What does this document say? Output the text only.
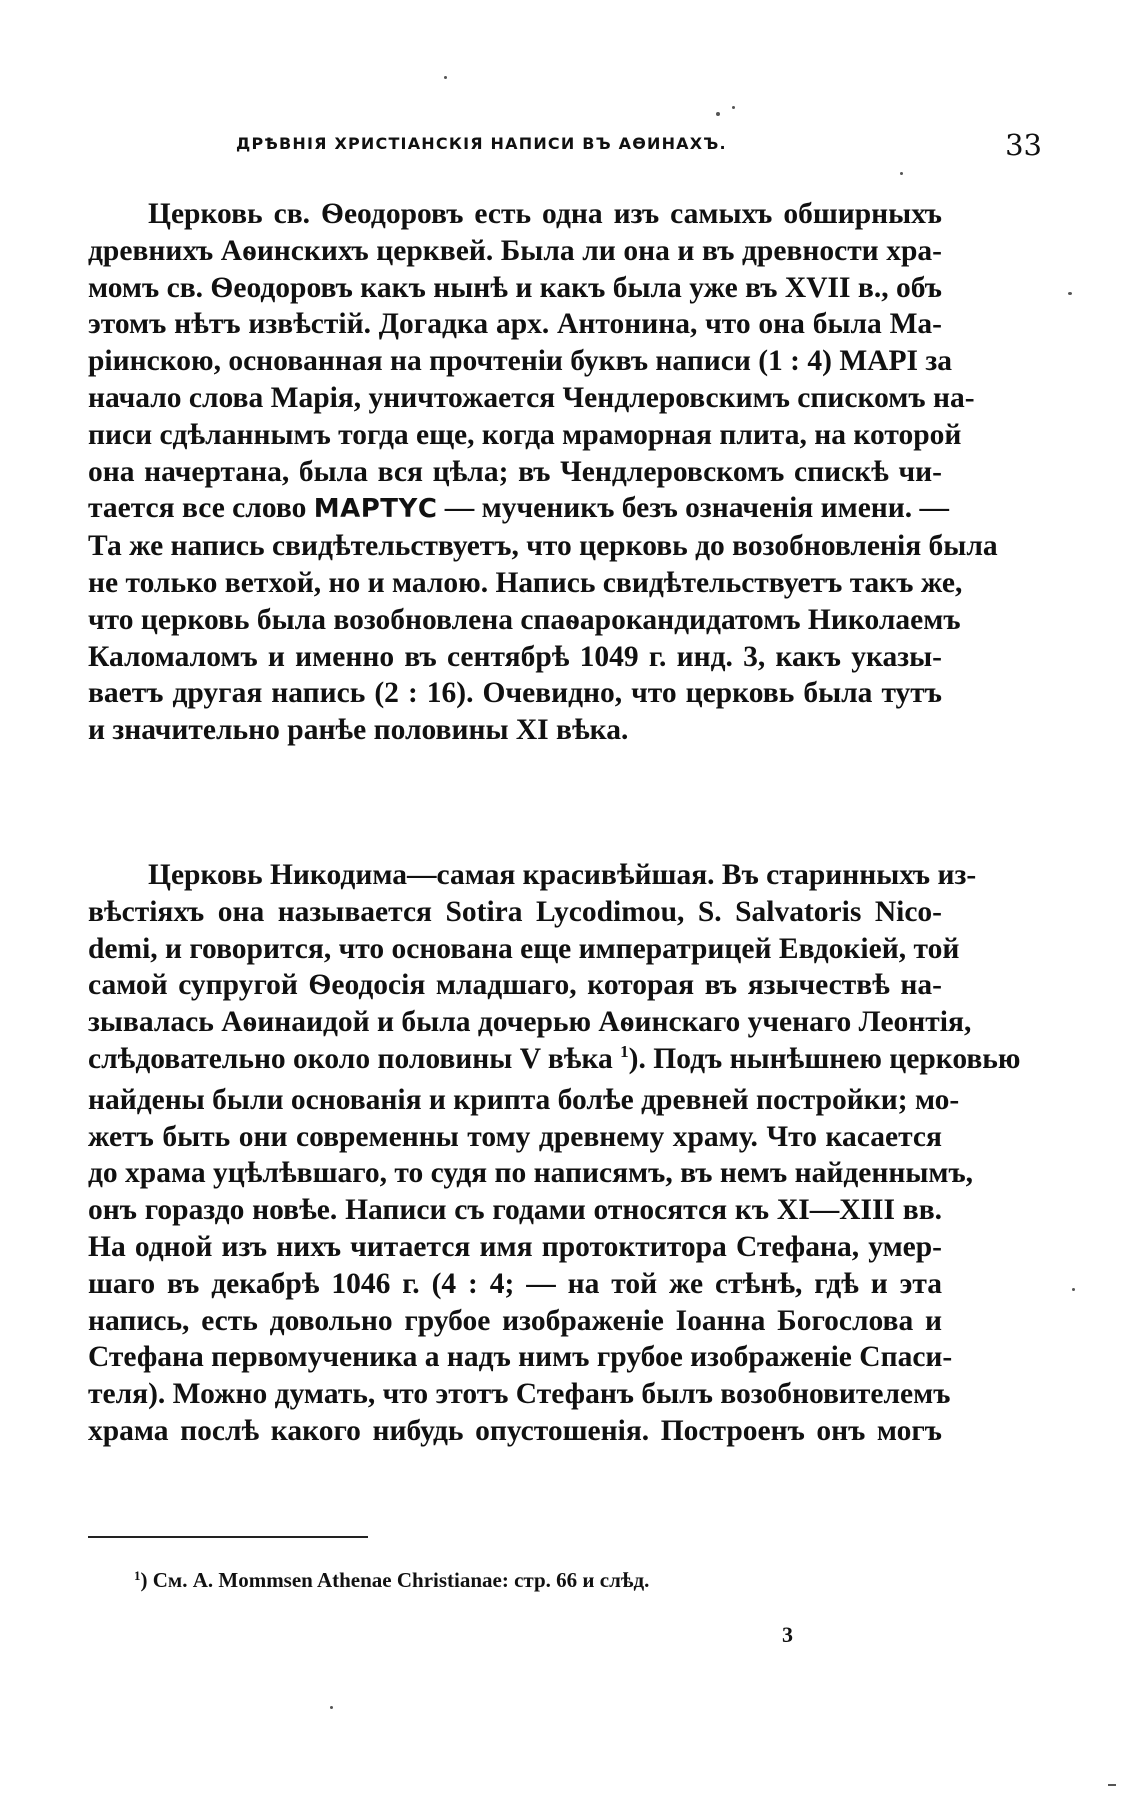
ДРѢВНІЯ ХРИСТІАНСКІЯ НАПИСИ ВЪ АѲИНАХЪ.	33
Церковь св. Ѳеодоровъ есть одна изъ самыхъ обширныхъ
древнихъ Аѳинскихъ церквей. Была ли она и въ древности хра-
момъ св. Ѳеодоровъ какъ нынѣ и какъ была уже въ XVII в., объ
этомъ нѣтъ извѣстій. Догадка арх. Антонина, что она была Ма-
ріинскою, основанная на прочтеніи буквъ написи (1 : 4) МАРІ за
начало слова Марія, уничтожается Чендлеровскимъ спискомъ на-
писи сдѣланнымъ тогда еще, когда мраморная плита, на которой
она начертана, была вся цѣла; въ Чендлеровскомъ спискѣ чи-
тается все слово ΜΑΡΤΥϹ — мученикъ безъ означенія имени. —
Та же напись свидѣтельствуетъ, что церковь до возобновленія была
не только ветхой, но и малою. Напись свидѣтельствуетъ такъ же,
что церковь была возобновлена спаѳарокандидатомъ Николаемъ
Каломаломъ и именно въ сентябрѣ 1049 г. инд. 3, какъ указы-
ваетъ другая напись (2 : 16). Очевидно, что церковь была тутъ
и значительно ранѣе половины XI вѣка.
Церковь Никодима—самая красивѣйшая. Въ старинныхъ из-
вѣстіяхъ она называется Sotira Lycodimou, S. Salvatoris Nico-
demi, и говорится, что основана еще императрицей Евдокіей, той
самой супругой Ѳеодосія младшаго, которая въ язычествѣ на-
зывалась Аѳинаидой и была дочерью Аѳинскаго ученаго Леонтія,
слѣдовательно около половины V вѣка $^1$). Подъ нынѣшнею церковью
найдены были основанія и крипта болѣе древней постройки; мо-
жетъ быть они современны тому древнему храму. Что касается
до храма уцѣлѣвшаго, то судя по написямъ, въ немъ найденнымъ,
онъ гораздо новѣе. Написи съ годами относятся къ XI—XIII вв.
На одной изъ нихъ читается имя протоктитора Стефана, умер-
шаго въ декабрѣ 1046 г. (4 : 4; — на той же стѣнѣ, гдѣ и эта
напись, есть довольно грубое изображеніе Іоанна Богослова и
Стефана первомученика а надъ нимъ грубое изображеніе Спаси-
теля). Можно думать, что этотъ Стефанъ былъ возобновителемъ
храма послѣ какого нибудь опустошенія. Построенъ онъ могъ
$^1$) См. А. Mommsen Athenae Christianae: стр. 66 и слѣд.
3
